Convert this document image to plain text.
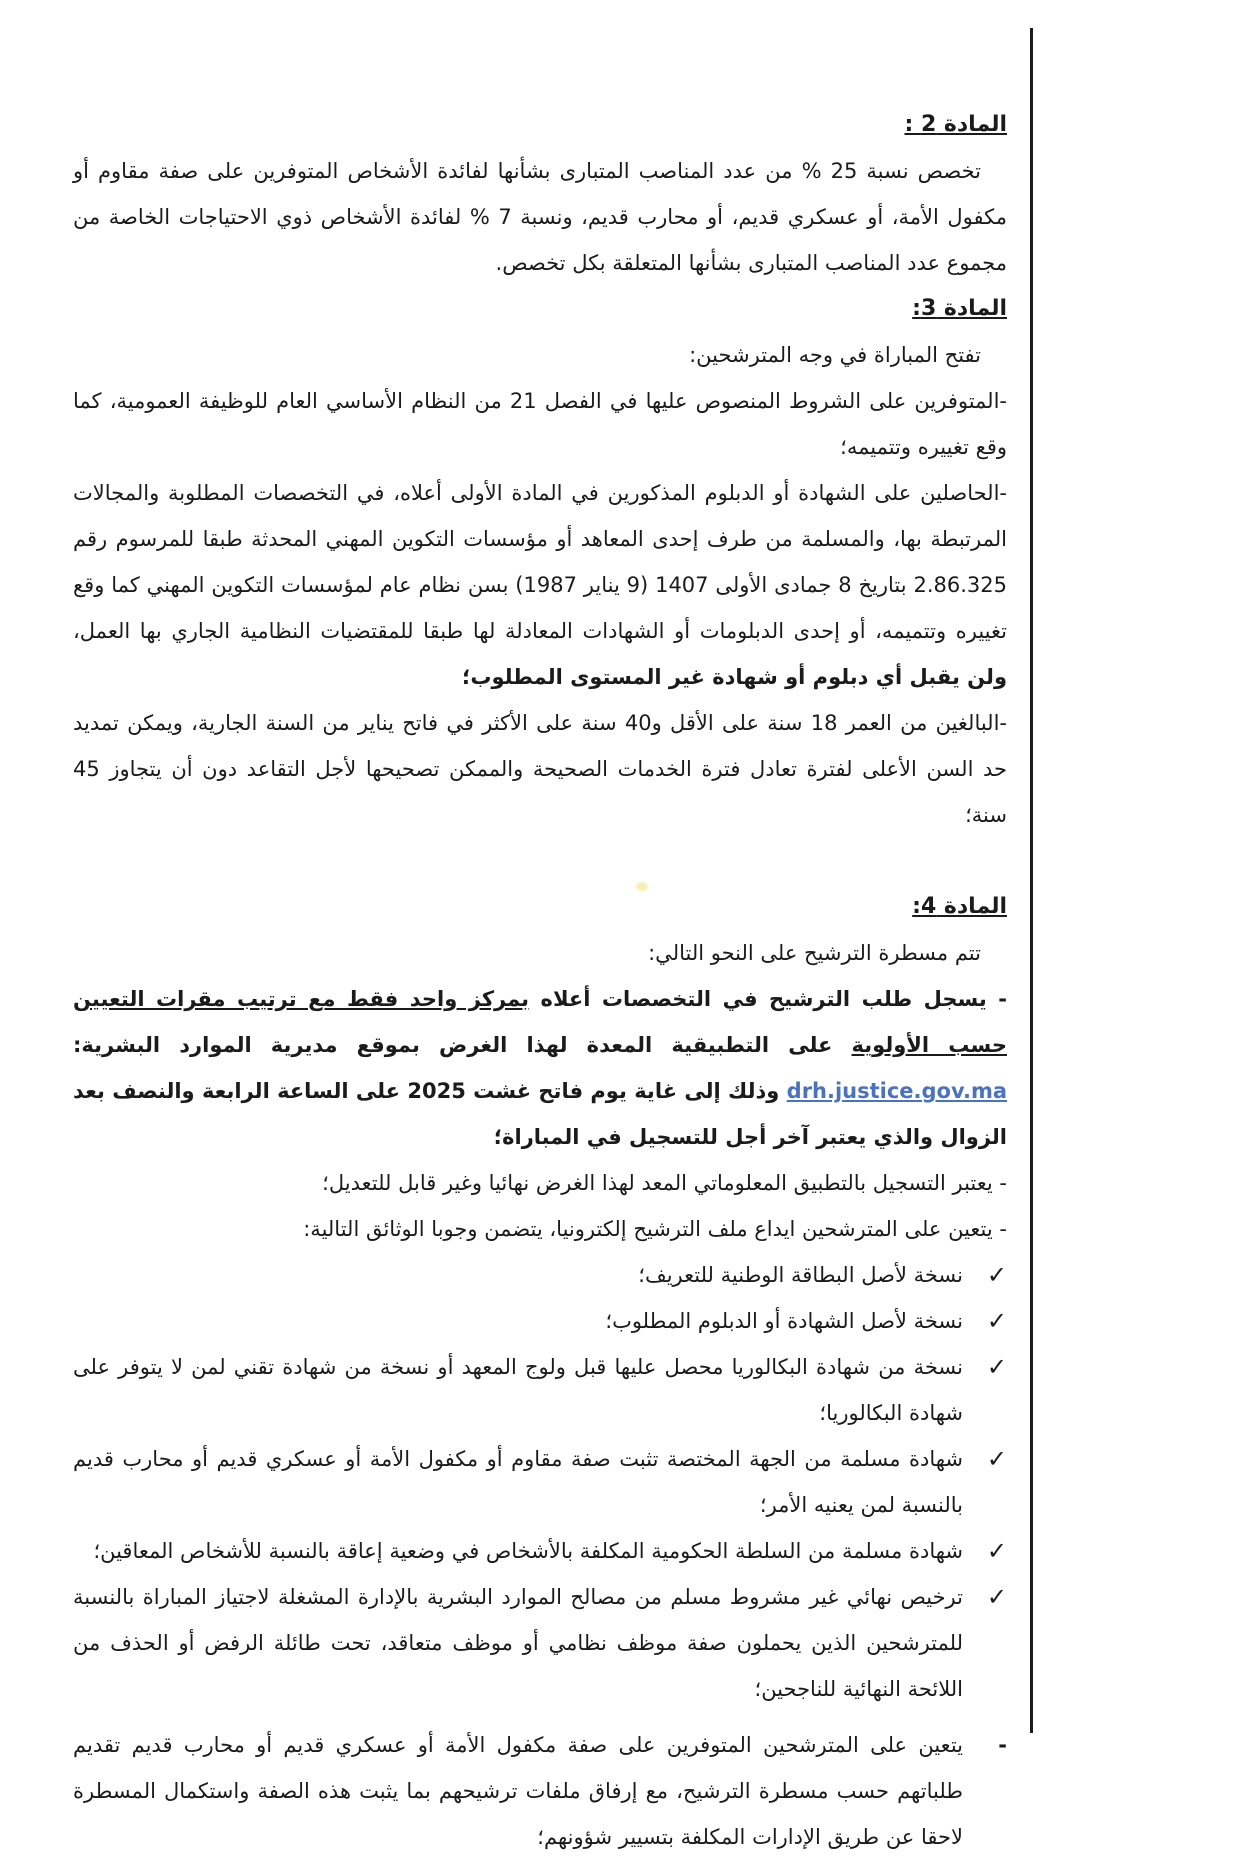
المادة 2 :

تخصص نسبة 25 % من عدد المناصب المتبارى بشأنها لفائدة الأشخاص المتوفرين على صفة مقاوم أو مكفول الأمة، أو عسكري قديم، أو محارب قديم، ونسبة 7 % لفائدة الأشخاص ذوي الاحتياجات الخاصة من مجموع عدد المناصب المتبارى بشأنها المتعلقة بكل تخصص.

المادة 3:

تفتح المباراة في وجه المترشحين:

-المتوفرين على الشروط المنصوص عليها في الفصل 21 من النظام الأساسي العام للوظيفة العمومية، كما وقع تغييره وتتميمه؛

-الحاصلين على الشهادة أو الدبلوم المذكورين في المادة الأولى أعلاه، في التخصصات المطلوبة والمجالات المرتبطة بها، والمسلمة من طرف إحدى المعاهد أو مؤسسات التكوين المهني المحدثة طبقا للمرسوم رقم 2.86.325 بتاريخ 8 جمادى الأولى 1407 (9 يناير 1987) بسن نظام عام لمؤسسات التكوين المهني كما وقع تغييره وتتميمه، أو إحدى الدبلومات أو الشهادات المعادلة لها طبقا للمقتضيات النظامية الجاري بها العمل، ولن يقبل أي دبلوم أو شهادة غير المستوى المطلوب؛

-البالغين من العمر 18 سنة على الأقل و40 سنة على الأكثر في فاتح يناير من السنة الجارية، ويمكن تمديد حد السن الأعلى لفترة تعادل فترة الخدمات الصحيحة والممكن تصحيحها لأجل التقاعد دون أن يتجاوز 45 سنة؛

المادة 4:

تتم مسطرة الترشيح على النحو التالي:

- يسجل طلب الترشيح في التخصصات أعلاه بمركز واحد فقط مع ترتيب مقرات التعيين حسب الأولوية على التطبيقية المعدة لهذا الغرض بموقع مديرية الموارد البشرية: drh.justice.gov.ma وذلك إلى غاية يوم فاتح غشت 2025 على الساعة الرابعة والنصف بعد الزوال والذي يعتبر آخر أجل للتسجيل في المباراة؛

- يعتبر التسجيل بالتطبيق المعلوماتي المعد لهذا الغرض نهائيا وغير قابل للتعديل؛

- يتعين على المترشحين ايداع ملف الترشيح إلكترونيا، يتضمن وجوبا الوثائق التالية:

✓
نسخة لأصل البطاقة الوطنية للتعريف؛
✓
نسخة لأصل الشهادة أو الدبلوم المطلوب؛
✓
نسخة من شهادة البكالوريا محصل عليها قبل ولوج المعهد أو نسخة من شهادة تقني لمن لا يتوفر على شهادة البكالوريا؛
✓
شهادة مسلمة من الجهة المختصة تثبت صفة مقاوم أو مكفول الأمة أو عسكري قديم أو محارب قديم بالنسبة لمن يعنيه الأمر؛
✓
شهادة مسلمة من السلطة الحكومية المكلفة بالأشخاص في وضعية إعاقة بالنسبة للأشخاص المعاقين؛
✓
ترخيص نهائي غير مشروط مسلم من مصالح الموارد البشرية بالإدارة المشغلة لاجتياز المباراة بالنسبة للمترشحين الذين يحملون صفة موظف نظامي أو موظف متعاقد، تحت طائلة الرفض أو الحذف من اللائحة النهائية للناجحين؛
-
يتعين على المترشحين المتوفرين على صفة مكفول الأمة أو عسكري قديم أو محارب قديم تقديم طلباتهم حسب مسطرة الترشيح، مع إرفاق ملفات ترشيحهم بما يثبت هذه الصفة واستكمال المسطرة لاحقا عن طريق الإدارات المكلفة بتسيير شؤونهم؛
